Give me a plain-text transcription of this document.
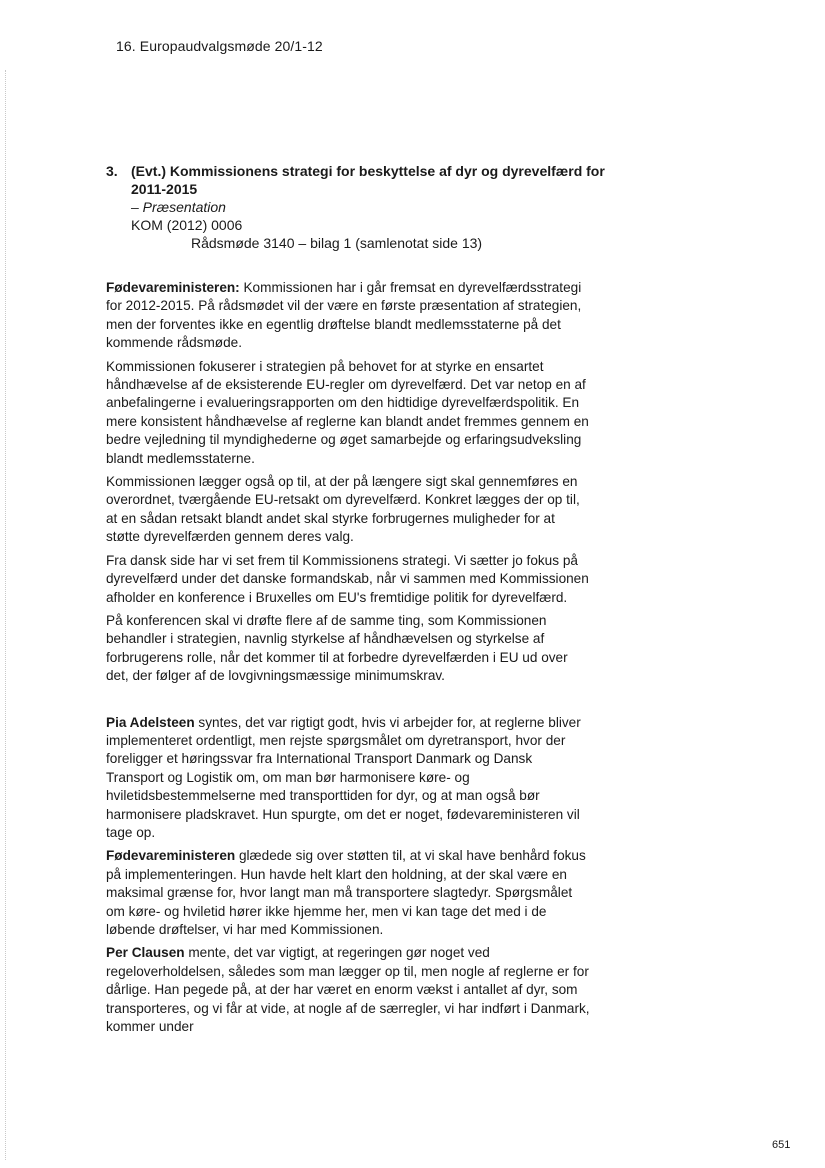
16. Europaudvalgsmøde 20/1-12
3. (Evt.) Kommissionens strategi for beskyttelse af dyr og dyrevelfærd for 2011-2015
– Præsentation
KOM (2012) 0006
Rådsmøde 3140 – bilag 1 (samlenotat side 13)

Fødevareministeren: Kommissionen har i går fremsat en dyrevelfærdsstrategi for 2012-2015. På rådsmødet vil der være en første præsentation af strategien, men der forventes ikke en egentlig drøftelse blandt medlemsstaterne på det kommende rådsmøde.

Kommissionen fokuserer i strategien på behovet for at styrke en ensartet håndhævelse af de eksisterende EU-regler om dyrevelfærd. Det var netop en af anbefalingerne i evalueringsrapporten om den hidtidige dyrevelfærdspolitik. En mere konsistent håndhævelse af reglerne kan blandt andet fremmes gennem en bedre vejledning til myndighederne og øget samarbejde og erfaringsudveksling blandt medlemsstaterne.

Kommissionen lægger også op til, at der på længere sigt skal gennemføres en overordnet, tværgående EU-retsakt om dyrevelfærd. Konkret lægges der op til, at en sådan retsakt blandt andet skal styrke forbrugernes muligheder for at støtte dyrevelfærden gennem deres valg.

Fra dansk side har vi set frem til Kommissionens strategi. Vi sætter jo fokus på dyrevelfærd under det danske formandskab, når vi sammen med Kommissionen afholder en konference i Bruxelles om EU's fremtidige politik for dyrevelfærd.

På konferencen skal vi drøfte flere af de samme ting, som Kommissionen behandler i strategien, navnlig styrkelse af håndhævelsen og styrkelse af forbrugerens rolle, når det kommer til at forbedre dyrevelfærden i EU ud over det, der følger af de lovgivningsmæssige minimumskrav.

Pia Adelsteen syntes, det var rigtigt godt, hvis vi arbejder for, at reglerne bliver implementeret ordentligt, men rejste spørgsmålet om dyretransport, hvor der foreligger et høringssvar fra International Transport Danmark og Dansk Transport og Logistik om, om man bør harmonisere køre- og hviletidsbestemmelserne med transporttiden for dyr, og at man også bør harmonisere pladskravet. Hun spurgte, om det er noget, fødevareministeren vil tage op.

Fødevareministeren glædede sig over støtten til, at vi skal have benhård fokus på implementeringen. Hun havde helt klart den holdning, at der skal være en maksimal grænse for, hvor langt man må transportere slagtedyr. Spørgsmålet om køre- og hviletid hører ikke hjemme her, men vi kan tage det med i de løbende drøftelser, vi har med Kommissionen.

Per Clausen mente, det var vigtigt, at regeringen gør noget ved regeloverholdelsen, således som man lægger op til, men nogle af reglerne er for dårlige. Han pegede på, at der har været en enorm vækst i antallet af dyr, som transporteres, og vi får at vide, at nogle af de særregler, vi har indført i Danmark, kommer under

651
